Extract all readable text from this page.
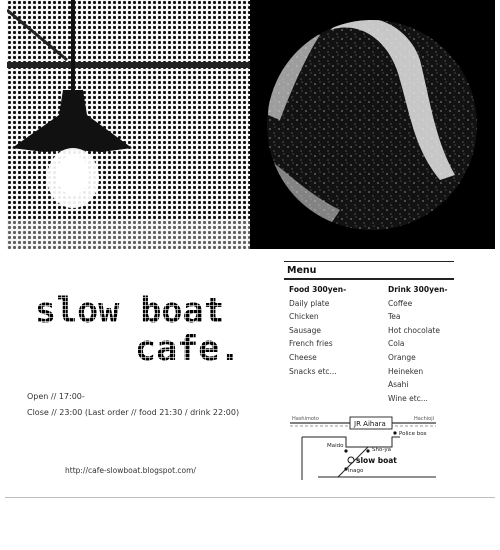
slow boat
cafe.
Open // 17:00-
Close // 23:00 (Last order // food 21:30 / drink 22:00)
http://cafe-slowboat.blogspot.com/
Menu
Food 300yen-
Daily plate
Chicken
Sausage
French fries
Cheese
Snacks etc...
Drink 300yen-
Coffee
Tea
Hot chocolate
Cola
Orange
Heineken
Asahi
Wine etc...
Hashimoto	Hachioji
JR Aihara
Police box
Maido
Sho-ya
slow boat
Inago
